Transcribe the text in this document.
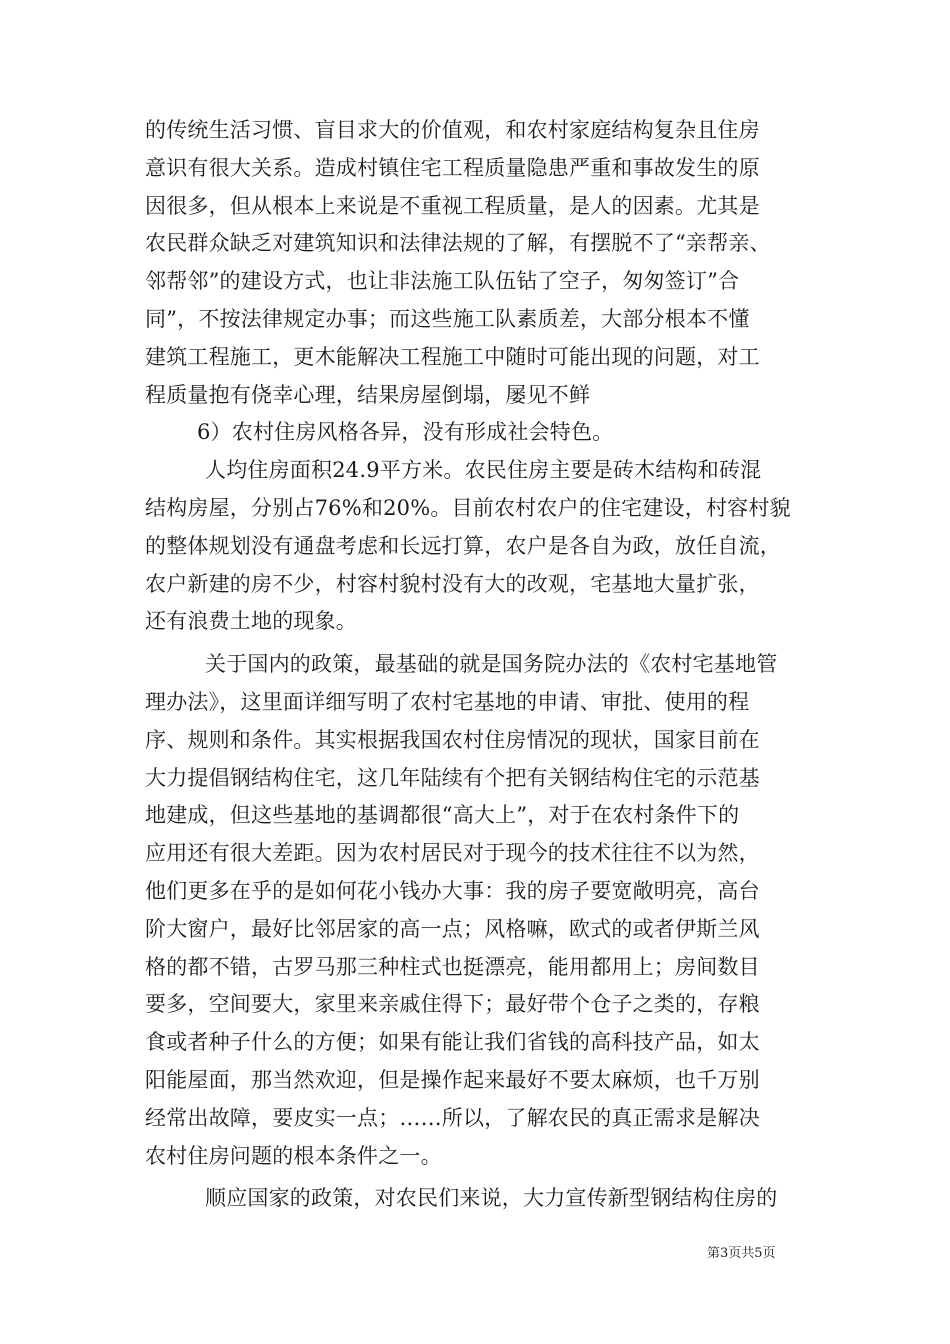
的传统生活习惯、盲目求大的价值观，和农村家庭结构复杂且住房
意识有很大关系。造成村镇住宅工程质量隐患严重和事故发生的原
因很多，但从根本上来说是不重视工程质量，是人的因素。尤其是
农民群众缺乏对建筑知识和法律法规的了解，有摆脱不了“亲帮亲、
邻帮邻”的建设方式，也让非法施工队伍钻了空子，匆匆签订”合
同”，不按法律规定办事；而这些施工队素质差，大部分根本不懂
建筑工程施工，更木能解决工程施工中随时可能出现的问题，对工
程质量抱有侥幸心理，结果房屋倒塌，屡见不鲜
6）农村住房风格各异，没有形成社会特色。
人均住房面积24.9平方米。农民住房主要是砖木结构和砖混
结构房屋，分别占76%和20%。目前农村农户的住宅建设，村容村貌
的整体规划没有通盘考虑和长远打算，农户是各自为政，放任自流，
农户新建的房不少，村容村貌村没有大的改观，宅基地大量扩张，
还有浪费土地的现象。
关于国内的政策，最基础的就是国务院办法的《农村宅基地管
理办法》，这里面详细写明了农村宅基地的申请、审批、使用的程
序、规则和条件。其实根据我国农村住房情况的现状，国家目前在
大力提倡钢结构住宅，这几年陆续有个把有关钢结构住宅的示范基
地建成，但这些基地的基调都很“高大上”，对于在农村条件下的
应用还有很大差距。因为农村居民对于现今的技术往往不以为然，
他们更多在乎的是如何花小钱办大事：我的房子要宽敞明亮，高台
阶大窗户，最好比邻居家的高一点；风格嘛，欧式的或者伊斯兰风
格的都不错，古罗马那三种柱式也挺漂亮，能用都用上；房间数目
要多，空间要大，家里来亲戚住得下；最好带个仓子之类的，存粮
食或者种子什么的方便；如果有能让我们省钱的高科技产品，如太
阳能屋面，那当然欢迎，但是操作起来最好不要太麻烦，也千万别
经常出故障，要皮实一点；……所以，了解农民的真正需求是解决
农村住房问题的根本条件之一。
顺应国家的政策，对农民们来说，大力宣传新型钢结构住房的
第3页共5页
